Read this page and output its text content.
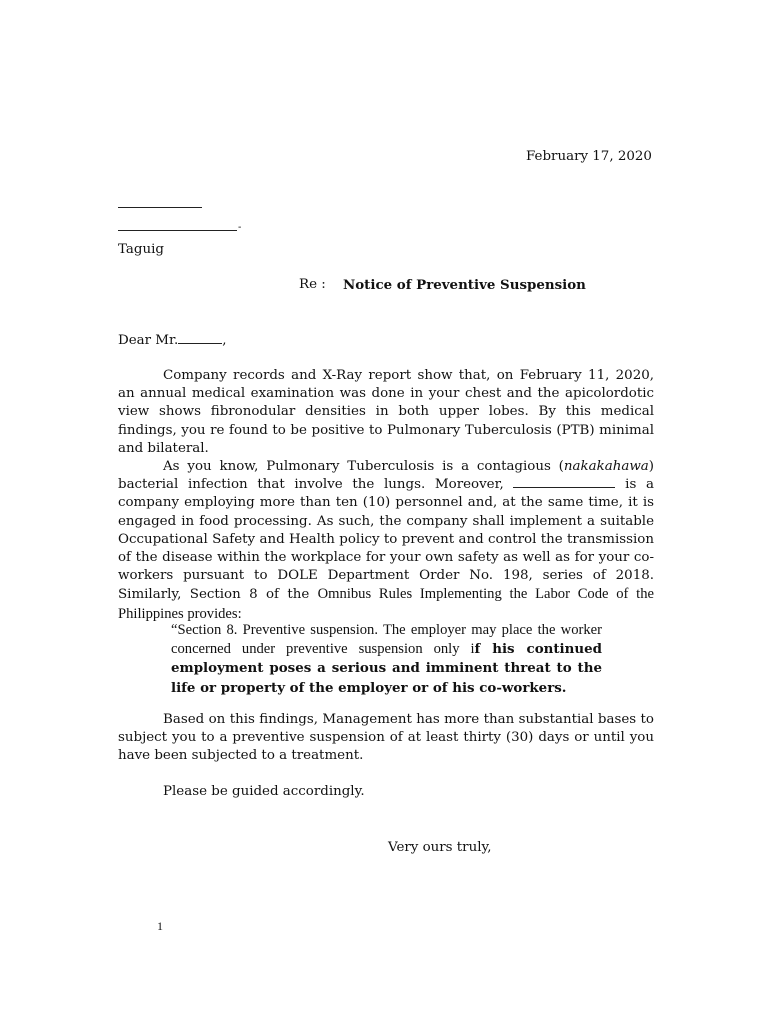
February 17, 2020
-
Taguig
Re : Notice of Preventive Suspension
Dear Mr.	,

Company records and X-Ray report show that, on February 11, 2020, an annual medical examination was done in your chest and the apicolordotic view shows fibronodular densities in both upper lobes. By this medical findings, you re found to be positive to Pulmonary Tuberculosis (PTB) minimal and bilateral.

As you know, Pulmonary Tuberculosis is a contagious (nakakahawa) bacterial infection that involve the lungs. Moreover,	is a company employing more than ten (10) personnel and, at the same time, it is engaged in food processing. As such, the company shall implement a suitable Occupational Safety and Health policy to prevent and control the transmission of the disease within the workplace for your own safety as well as for your co-workers pursuant to DOLE Department Order No. 198, series of 2018. Similarly, Section 8 of the Omnibus Rules Implementing the Labor Code of the Philippines provides:

“Section 8. Preventive suspension. The employer may place the worker concerned under preventive suspension only if his continued employment poses a serious and imminent threat to the life or property of the employer or of his co-workers.

Based on this findings, Management has more than substantial bases to subject you to a preventive suspension of at least thirty (30) days or until you have been subjected to a treatment.

Please be guided accordingly.
Very ours truly,
1
